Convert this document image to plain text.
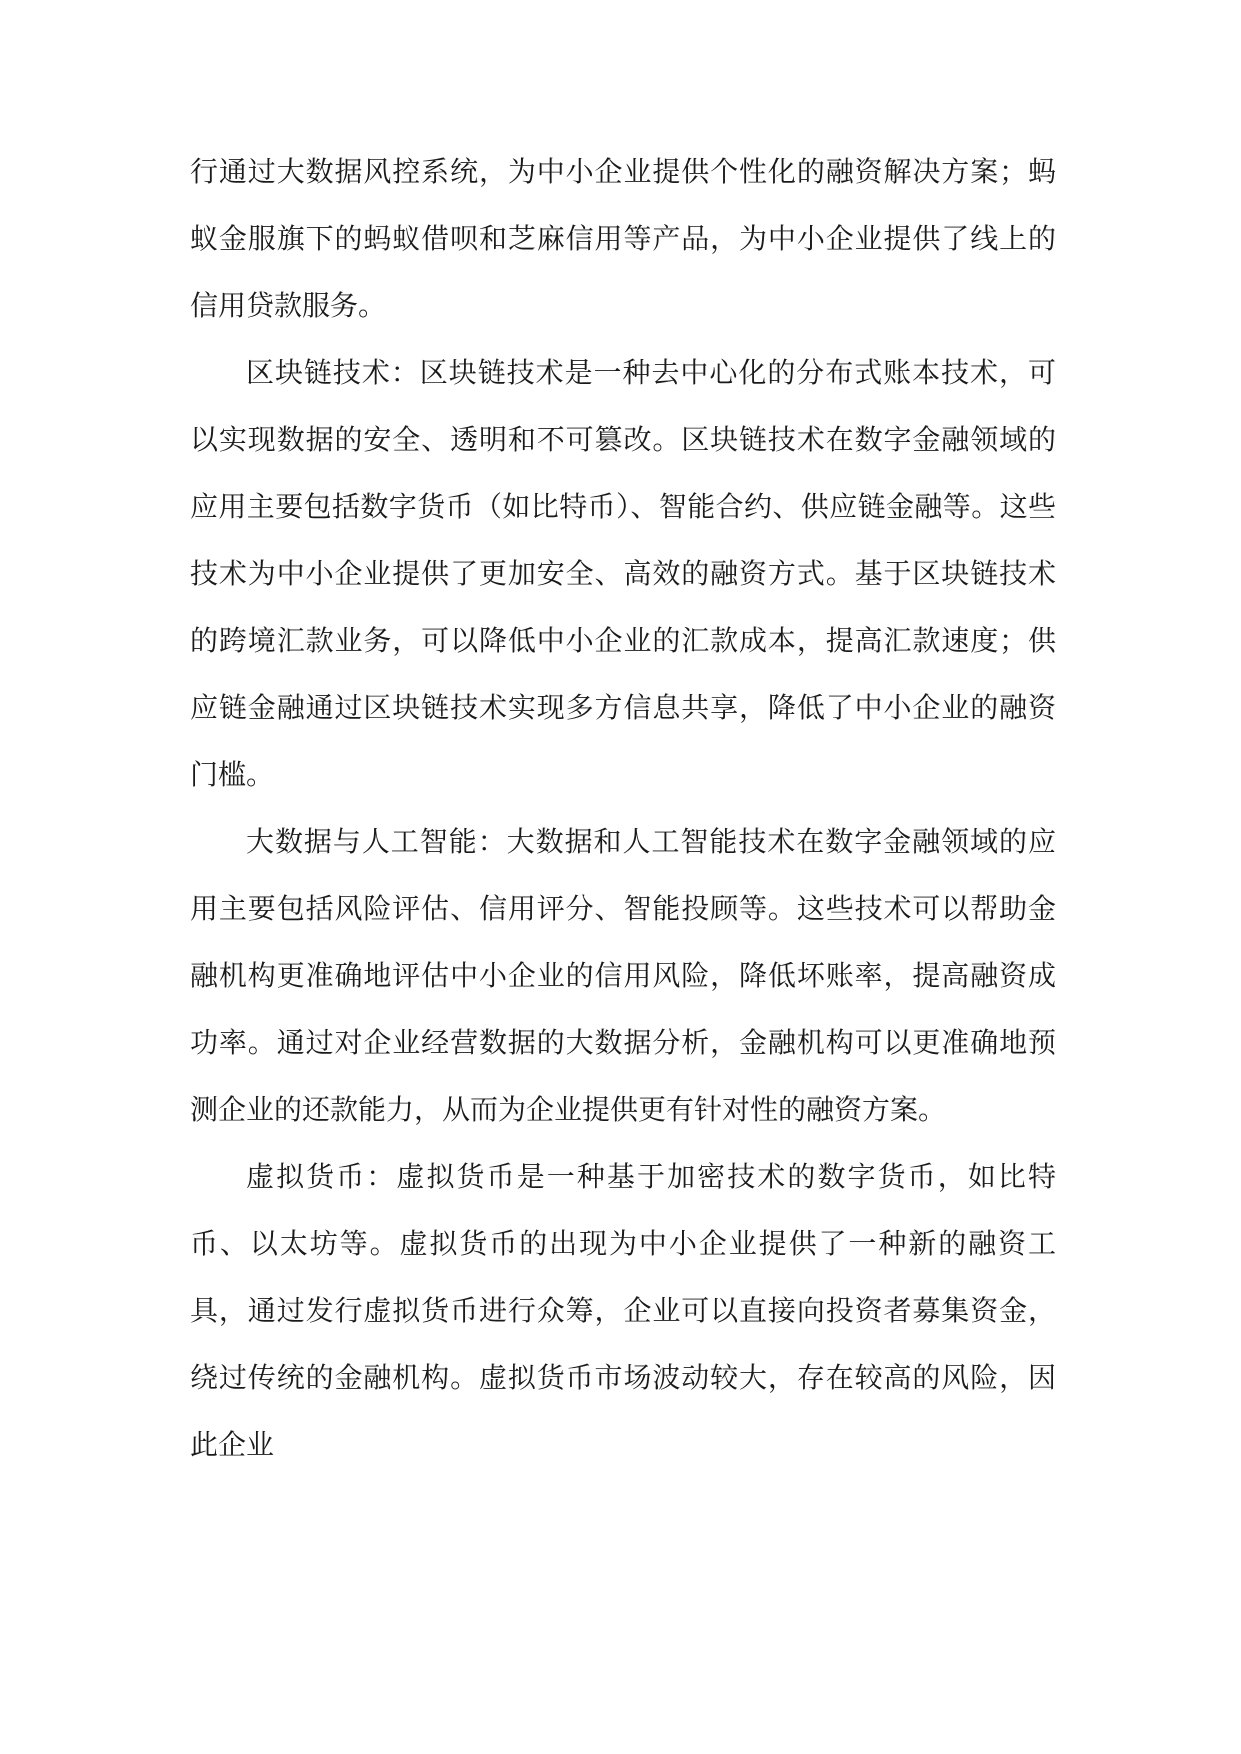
行通过大数据风控系统，为中小企业提供个性化的融资解决方案；蚂蚁金服旗下的蚂蚁借呗和芝麻信用等产品，为中小企业提供了线上的信用贷款服务。

区块链技术：区块链技术是一种去中心化的分布式账本技术，可以实现数据的安全、透明和不可篡改。区块链技术在数字金融领域的应用主要包括数字货币（如比特币）、智能合约、供应链金融等。这些技术为中小企业提供了更加安全、高效的融资方式。基于区块链技术的跨境汇款业务，可以降低中小企业的汇款成本，提高汇款速度；供应链金融通过区块链技术实现多方信息共享，降低了中小企业的融资门槛。

大数据与人工智能：大数据和人工智能技术在数字金融领域的应用主要包括风险评估、信用评分、智能投顾等。这些技术可以帮助金融机构更准确地评估中小企业的信用风险，降低坏账率，提高融资成功率。通过对企业经营数据的大数据分析，金融机构可以更准确地预测企业的还款能力，从而为企业提供更有针对性的融资方案。

虚拟货币：虚拟货币是一种基于加密技术的数字货币，如比特币、以太坊等。虚拟货币的出现为中小企业提供了一种新的融资工具，通过发行虚拟货币进行众筹，企业可以直接向投资者募集资金，绕过传统的金融机构。虚拟货币市场波动较大，存在较高的风险，因此企业
